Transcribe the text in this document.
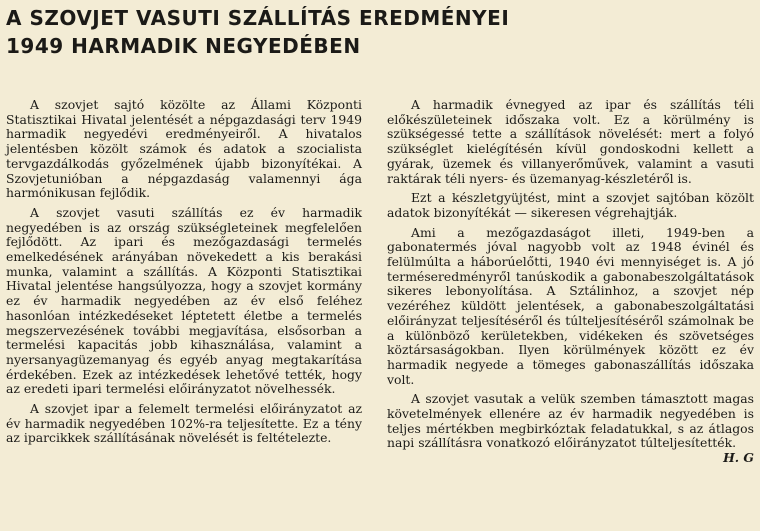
A SZOVJET VASUTI SZÁLLÍTÁS EREDMÉNYEI
1949 HARMADIK NEGYEDÉBEN

A szovjet sajtó közölte az Állami Központi Statisztikai Hivatal jelentését a népgazdasági terv 1949 harmadik negyedévi eredményeiről. A hivatalos jelentésben közölt számok és adatok a szocialista tervgazdálkodás győzelmének újabb bizonyítékai. A Szovjetunióban a népgazdaság valamennyi ága harmónikusan fejlődik.

A szovjet vasuti szállítás ez év harmadik negyedében is az ország szükségleteinek megfelelően fejlődött. Az ipari és mezőgazdasági termelés emelkedésének arányában növekedett a kis berakási munka, valamint a szállítás. A Központi Statisztikai Hivatal jelentése hangsúlyozza, hogy a szovjet kormány ez év harmadik negyedében az év első feléhez hasonlóan intézkedéseket léptetett életbe a termelés megszervezésének további megjavítása, elsősorban a termelési kapacitás jobb kihasználása, valamint a nyersanyagüzemanyag és egyéb anyag megtakarítása érdekében. Ezek az intézkedések lehetővé tették, hogy az eredeti ipari termelési előirányzatot növelhessék.

A szovjet ipar a felemelt termelési előirányzatot az év harmadik negyedében 102%-ra teljesítette. Ez a tény az iparcikkek szállításának növelését is feltételezte.

A harmadik évnegyed az ipar és szállítás téli előkészületeinek időszaka volt. Ez a körülmény is szükségessé tette a szállítások növelését: mert a folyó szükséglet kielégítésén kívül gondoskodni kellett a gyárak, üzemek és villanyerőművek, valamint a vasuti raktárak téli nyers- és üzemanyag-készletéről is.

Ezt a készletgyüjtést, mint a szovjet sajtóban közölt adatok bizonyítékát — sikeresen végrehajtják.

Ami a mezőgazdaságot illeti, 1949-ben a gabonatermés jóval nagyobb volt az 1948 évinél és felülmúlta a háborúelőtti, 1940 évi mennyiséget is. A jó terméseredményről tanúskodik a gabonabeszolgáltatások sikeres lebonyolítása. A Sztálinhoz, a szovjet nép vezéréhez küldött jelentések, a gabonabeszolgáltatási előirányzat teljesítéséről és túlteljesítéséről számolnak be a különböző kerületekben, vidékeken és szövetséges köztársaságokban. Ilyen körülmények között ez év harmadik negyede a tömeges gabonaszállítás időszaka volt.

A szovjet vasutak a velük szemben támasztott magas követelmények ellenére az év harmadik negyedében is teljes mértékben megbirkóztak feladatukkal, s az átlagos napi szállításra vonatkozó előirányzatot túlteljesítették.
H. G
